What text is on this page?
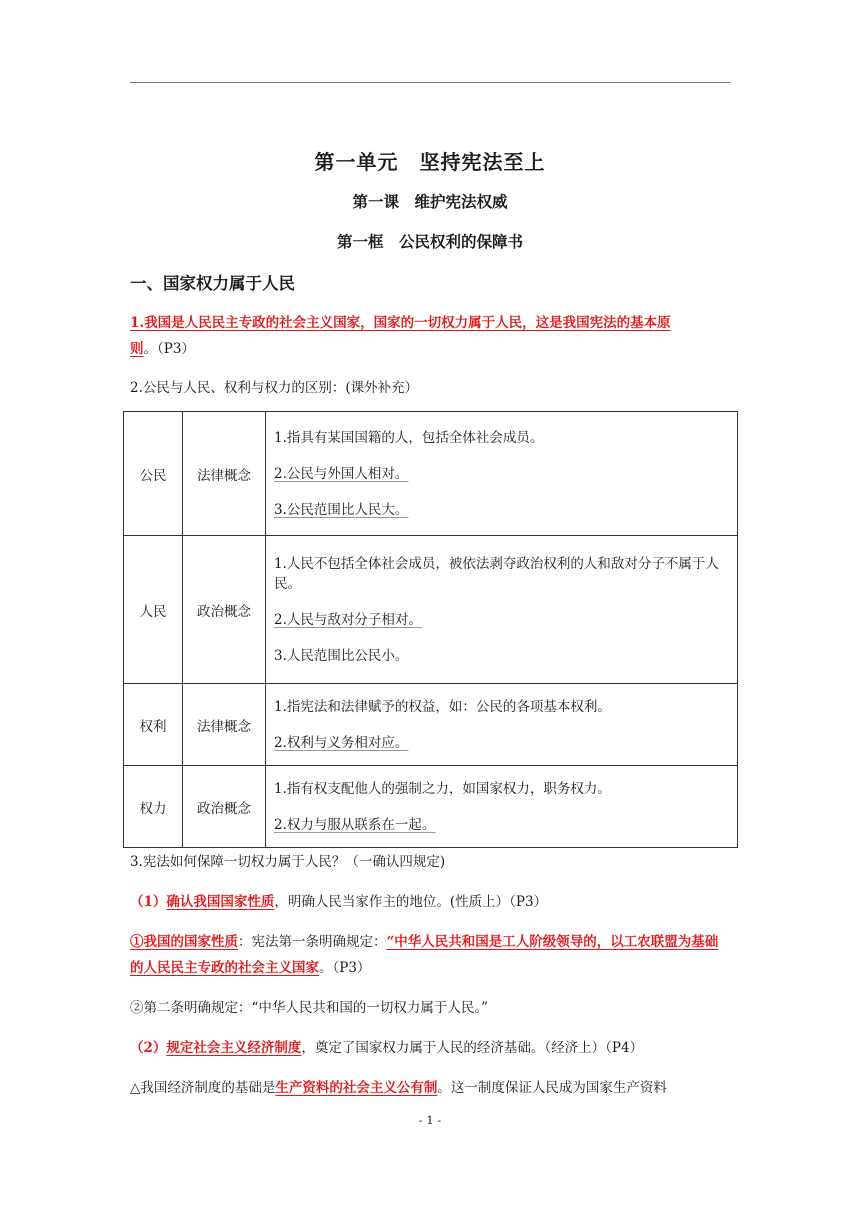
第一单元　坚持宪法至上
第一课　维护宪法权威
第一框　公民权利的保障书
一、国家权力属于人民
1.我国是人民民主专政的社会主义国家，国家的一切权力属于人民，这是我国宪法的基本原则。（P3）
2.公民与人民、权利与权力的区别：(课外补充）
公民	法律概念	1.指具有某国国籍的人，包括全体社会成员。

2.公民与外国人相对。

3.公民范围比人民大。

人民	政治概念	1.人民不包括全体社会成员，被依法剥夺政治权利的人和敌对分子不属于人民。

2.人民与敌对分子相对。

3.人民范围比公民小。

权利	法律概念	1.指宪法和法律赋予的权益，如：公民的各项基本权利。

2.权利与义务相对应。

权力	政治概念	1.指有权支配他人的强制之力，如国家权力，职务权力。

2.权力与服从联系在一起。

3.宪法如何保障一切权力属于人民？（一确认四规定)
（1）确认我国国家性质，明确人民当家作主的地位。(性质上）（P3）
①我国的国家性质：宪法第一条明确规定：“中华人民共和国是工人阶级领导的，以工农联盟为基础的人民民主专政的社会主义国家。（P3）
②第二条明确规定：“中华人民共和国的一切权力属于人民。”
（2）规定社会主义经济制度，奠定了国家权力属于人民的经济基础。（经济上）（P4）
△我国经济制度的基础是生产资料的社会主义公有制。这一制度保证人民成为国家生产资料
- 1 -
